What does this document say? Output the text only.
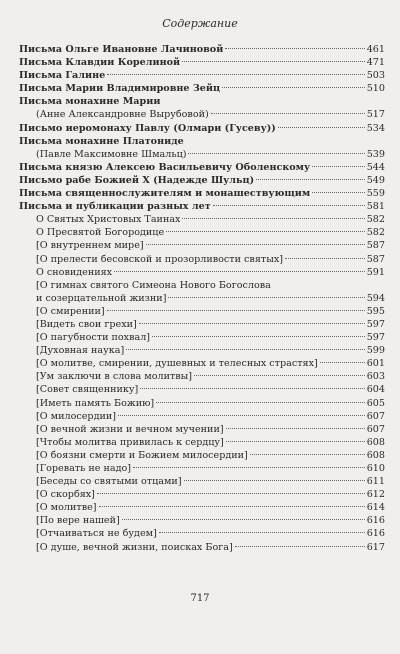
Содержание
Письма Ольге Ивановне Лачиновой	461
Письма Клавдии Корелиной	471
Письма Галине	503
Письма Марии Владимировне Зейц	510
Письма монахине Марии
(Анне Александровне Вырубовой)	517
Письмо иеромонаху Павлу (Олмари (Гусеву))	534
Письма монахине Платониде
(Павле Максимовне Шмальц)	539
Письма князю Алексею Васильевичу Оболенскому	544
Письмо рабе Божией Х (Надежде Шульц)	549
Письма священнослужителям и монашествующим	559
Письма и публикации разных лет	581
О Святых Христовых Таинах	582
О Пресвятой Богородице	582
[О внутреннем мире]	587
[О прелести бесовской и прозорливости святых]	587
О сновидениях	591
[О гимнах святого Симеона Нового Богослова
и созерцательной жизни]	594
[О смирении]	595
[Видеть свои грехи]	597
[О пагубности похвал]	597
[Духовная наука]	599
[О молитве, смирении, душевных и телесных страстях]	601
[Ум заключи в слова молитвы]	603
[Совет священнику]	604
[Иметь память Божию]	605
[О милосердии]	607
[О вечной жизни и вечном мучении]	607
[Чтобы молитва привилась к сердцу]	608
[О боязни смерти и Божием милосердии]	608
[Горевать не надо]	610
[Беседы со святыми отцами]	611
[О скорбях]	612
[О молитве]	614
[По вере нашей]	616
[Отчаиваться не будем]	616
[О душе, вечной жизни, поисках Бога]	617
717
